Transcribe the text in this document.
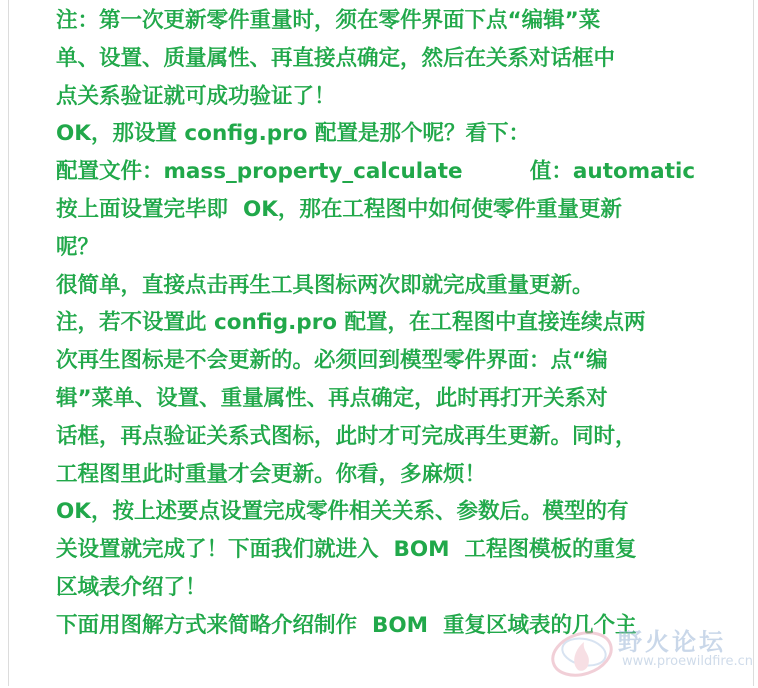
注：第一次更新零件重量时，须在零件界面下点“编辑”菜

单、设置、质量属性、再直接点确定，然后在关系对话框中

点关系验证就可成功验证了！

OK，那设置 config.pro 配置是那个呢？看下：

配置文件：mass_property_calculate         值：automatic

按上面设置完毕即  OK，那在工程图中如何使零件重量更新

呢？

很简单，直接点击再生工具图标两次即就完成重量更新。

注，若不设置此 config.pro 配置，在工程图中直接连续点两

次再生图标是不会更新的。必须回到模型零件界面：点“编

辑”菜单、设置、重量属性、再点确定，此时再打开关系对

话框，再点验证关系式图标，此时才可完成再生更新。同时，

工程图里此时重量才会更新。你看，多麻烦！

OK，按上述要点设置完成零件相关关系、参数后。模型的有

关设置就完成了！下面我们就进入  BOM  工程图模板的重复

区域表介绍了！

下面用图解方式来简略介绍制作  BOM  重复区域表的几个主

野火论坛
www.proewildfire.cn
